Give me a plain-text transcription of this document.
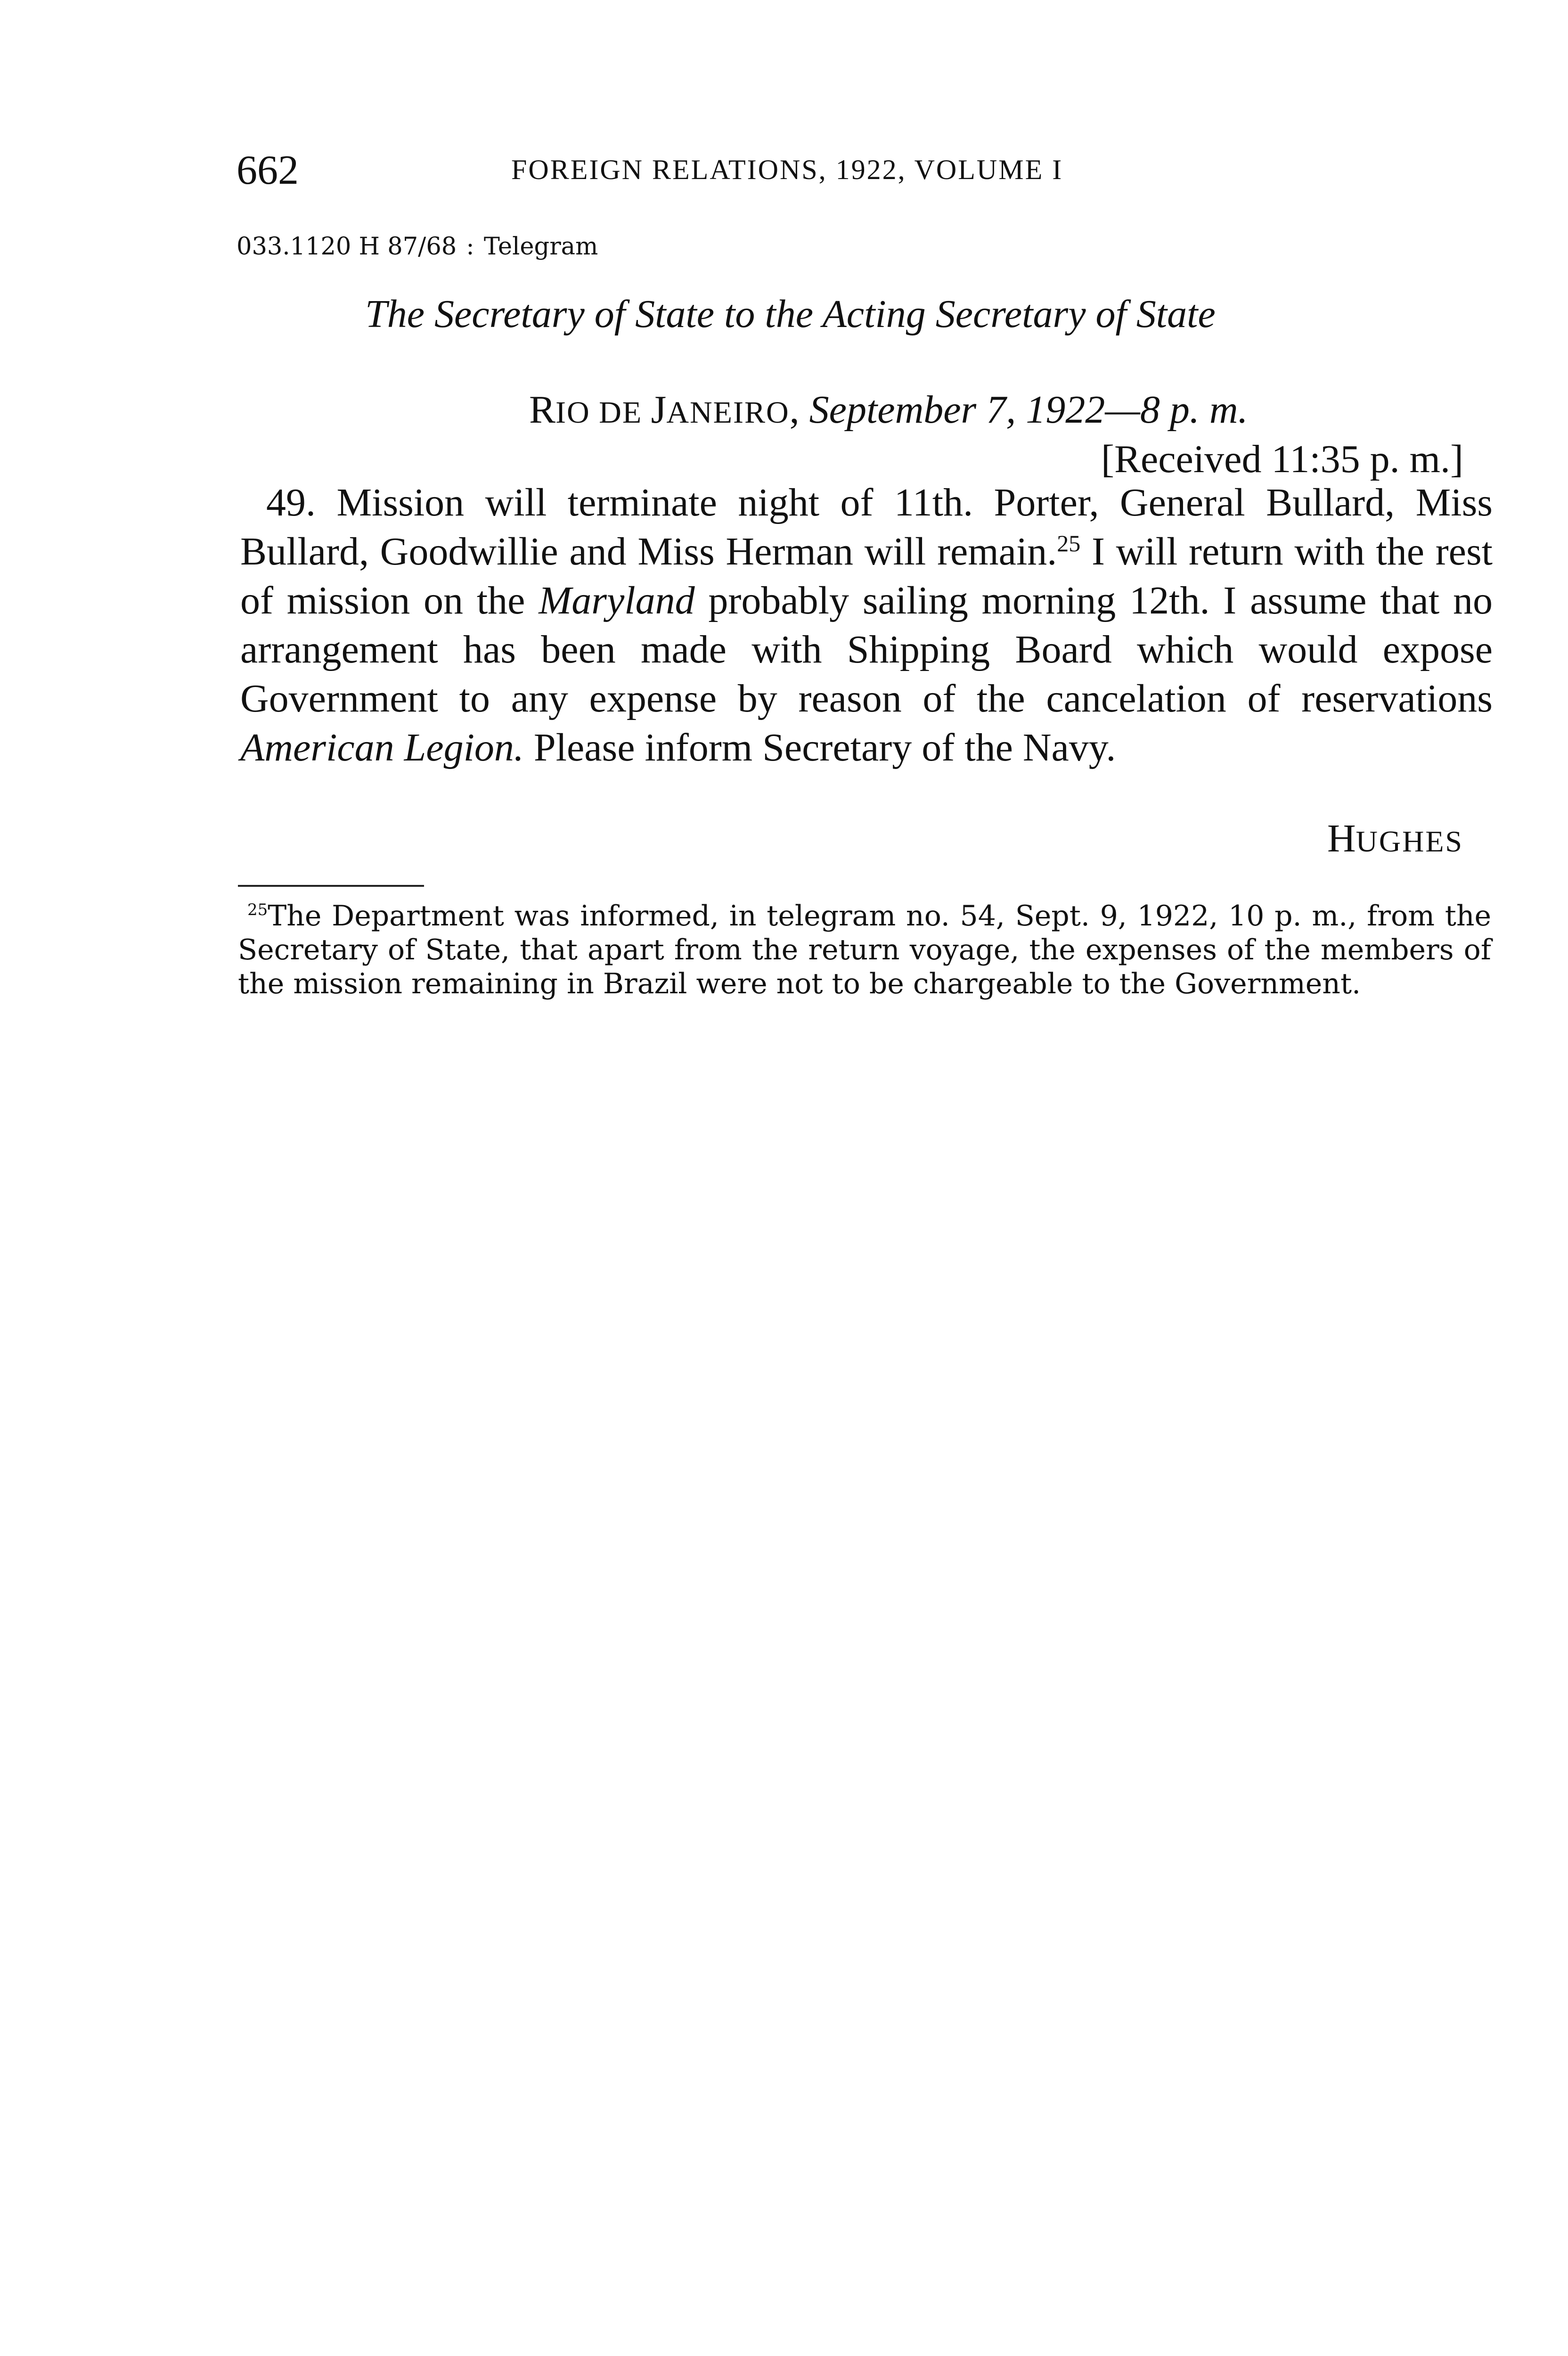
662	FOREIGN RELATIONS, 1922, VOLUME I
033.1120 H 87/68 : Telegram
The Secretary of State to the Acting Secretary of State
RIO DE JANEIRO, September 7, 1922—8 p. m.
[Received 11:35 p. m.]

49. Mission will terminate night of 11th. Porter, General Bullard, Miss Bullard, Goodwillie and Miss Herman will remain.$^{25}$ I will return with the rest of mission on the Maryland probably sailing morning 12th. I assume that no arrangement has been made with Shipping Board which would expose Government to any expense by reason of the cancelation of reservations American Legion. Please inform Secretary of the Navy.

HUGHES

$^{25}$The Department was informed, in telegram no. 54, Sept. 9, 1922, 10 p. m., from the Secretary of State, that apart from the return voyage, the expenses of the members of the mission remaining in Brazil were not to be chargeable to the Government.
